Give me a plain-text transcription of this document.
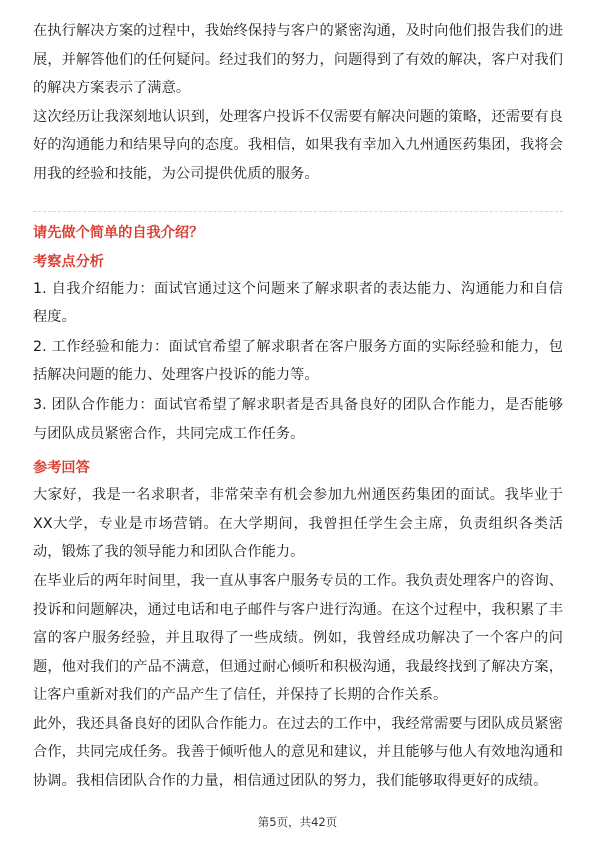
在执行解决方案的过程中，我始终保持与客户的紧密沟通，及时向他们报告我们的进展，并解答他们的任何疑问。经过我们的努力，问题得到了有效的解决，客户对我们的解决方案表示了满意。

这次经历让我深刻地认识到，处理客户投诉不仅需要有解决问题的策略，还需要有良好的沟通能力和结果导向的态度。我相信，如果我有幸加入九州通医药集团，我将会用我的经验和技能，为公司提供优质的服务。

请先做个简单的自我介绍？
考察点分析

1. 自我介绍能力：面试官通过这个问题来了解求职者的表达能力、沟通能力和自信程度。

2. 工作经验和能力：面试官希望了解求职者在客户服务方面的实际经验和能力，包括解决问题的能力、处理客户投诉的能力等。

3. 团队合作能力：面试官希望了解求职者是否具备良好的团队合作能力，是否能够与团队成员紧密合作，共同完成工作任务。

参考回答

大家好，我是一名求职者，非常荣幸有机会参加九州通医药集团的面试。我毕业于XX大学，专业是市场营销。在大学期间，我曾担任学生会主席，负责组织各类活动，锻炼了我的领导能力和团队合作能力。

在毕业后的两年时间里，我一直从事客户服务专员的工作。我负责处理客户的咨询、投诉和问题解决，通过电话和电子邮件与客户进行沟通。在这个过程中，我积累了丰富的客户服务经验，并且取得了一些成绩。例如，我曾经成功解决了一个客户的问题，他对我们的产品不满意，但通过耐心倾听和积极沟通，我最终找到了解决方案，让客户重新对我们的产品产生了信任，并保持了长期的合作关系。

此外，我还具备良好的团队合作能力。在过去的工作中，我经常需要与团队成员紧密合作，共同完成任务。我善于倾听他人的意见和建议，并且能够与他人有效地沟通和协调。我相信团队合作的力量，相信通过团队的努力，我们能够取得更好的成绩。

第5页，共42页
